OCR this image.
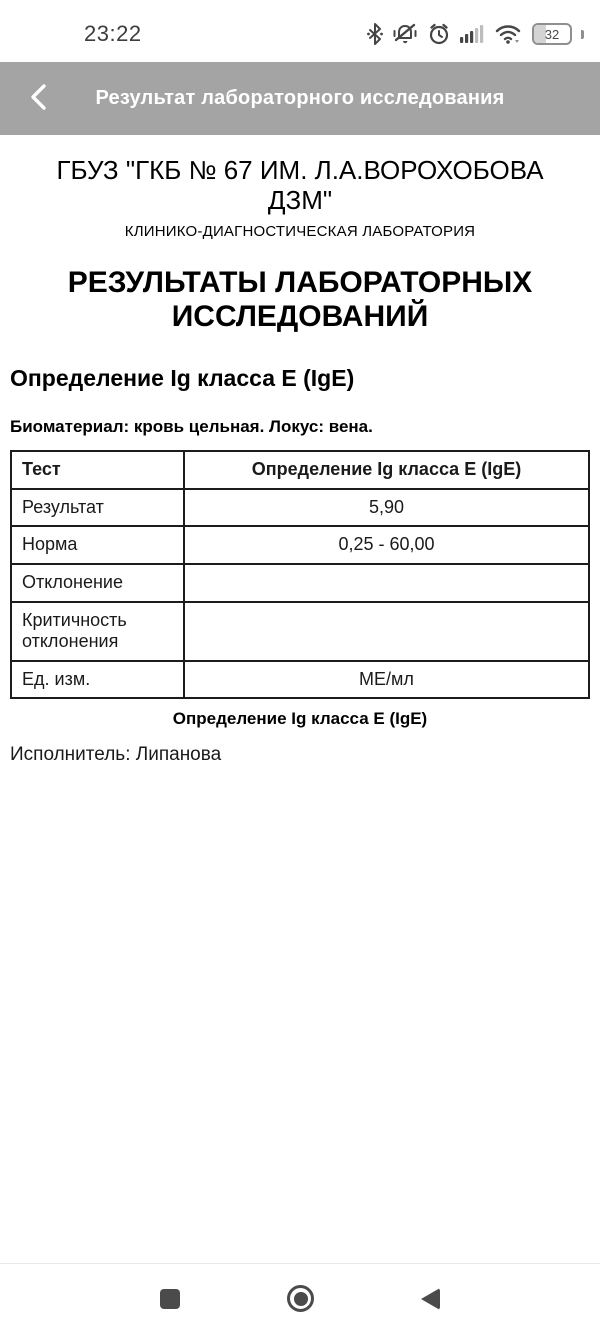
23:22	32
Результат лабораторного исследования
ГБУЗ "ГКБ № 67 ИМ. Л.А.ВОРОХОБОВА ДЗМ"
КЛИНИКО-ДИАГНОСТИЧЕСКАЯ ЛАБОРАТОРИЯ
РЕЗУЛЬТАТЫ ЛАБОРАТОРНЫХ ИССЛЕДОВАНИЙ
Определение Ig класса E (IgE)
Биоматериал: кровь цельная. Локус: вена.
Тест	Определение Ig класса E (IgE)
Результат	5,90
Норма	0,25 - 60,00
Отклонение	
Критичность отклонения	
Ед. изм.	МЕ/мл
Определение Ig класса E (IgE)
Исполнитель: Липанова
